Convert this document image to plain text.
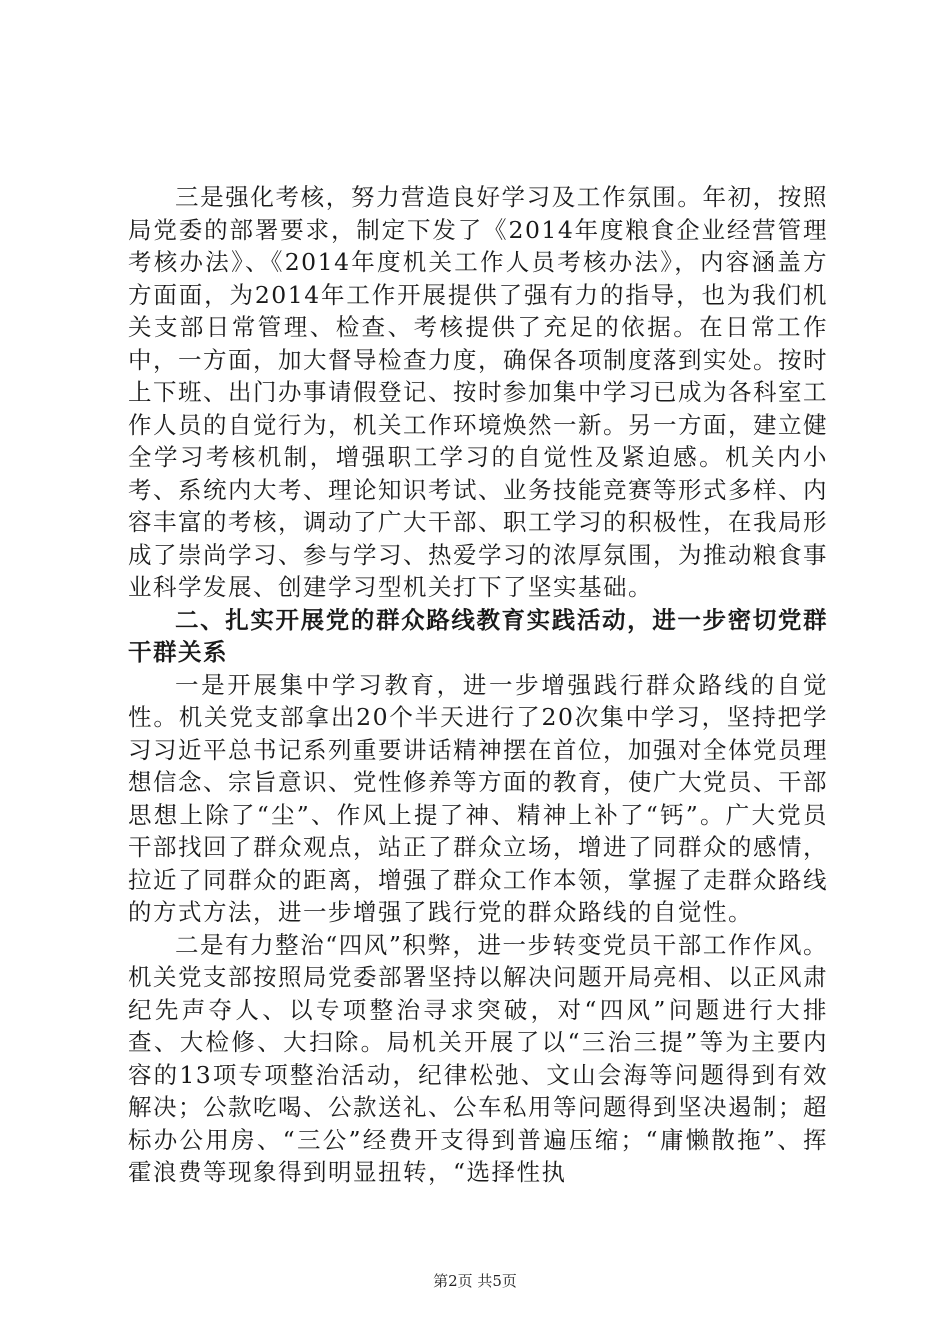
三是强化考核，努力营造良好学习及工作氛围。年初，按照局党委的部署要求，制定下发了《2014年度粮食企业经营管理考核办法》、《2014年度机关工作人员考核办法》，内容涵盖方方面面，为2014年工作开展提供了强有力的指导，也为我们机关支部日常管理、检查、考核提供了充足的依据。在日常工作中，一方面，加大督导检查力度，确保各项制度落到实处。按时上下班、出门办事请假登记、按时参加集中学习已成为各科室工作人员的自觉行为，机关工作环境焕然一新。另一方面，建立健全学习考核机制，增强职工学习的自觉性及紧迫感。机关内小考、系统内大考、理论知识考试、业务技能竞赛等形式多样、内容丰富的考核，调动了广大干部、职工学习的积极性，在我局形成了崇尚学习、参与学习、热爱学习的浓厚氛围，为推动粮食事业科学发展、创建学习型机关打下了坚实基础。

二、扎实开展党的群众路线教育实践活动，进一步密切党群干群关系

一是开展集中学习教育，进一步增强践行群众路线的自觉性。机关党支部拿出20个半天进行了20次集中学习，坚持把学习习近平总书记系列重要讲话精神摆在首位，加强对全体党员理想信念、宗旨意识、党性修养等方面的教育，使广大党员、干部思想上除了“尘”、作风上提了神、精神上补了“钙”。广大党员干部找回了群众观点，站正了群众立场，增进了同群众的感情，拉近了同群众的距离，增强了群众工作本领，掌握了走群众路线的方式方法，进一步增强了践行党的群众路线的自觉性。

二是有力整治“四风”积弊，进一步转变党员干部工作作风。机关党支部按照局党委部署坚持以解决问题开局亮相、以正风肃纪先声夺人、以专项整治寻求突破，对“四风”问题进行大排查、大检修、大扫除。局机关开展了以“三治三提”等为主要内容的13项专项整治活动，纪律松弛、文山会海等问题得到有效解决；公款吃喝、公款送礼、公车私用等问题得到坚决遏制；超标办公用房、“三公”经费开支得到普遍压缩；“庸懒散拖”、挥霍浪费等现象得到明显扭转，“选择性执

第2页 共5页
